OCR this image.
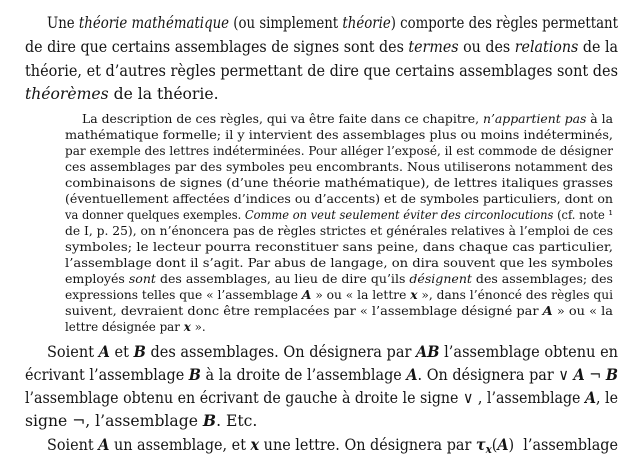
Une théorie mathématique (ou simplement théorie) comporte des règles permettant
de dire que certains assemblages de signes sont des termes ou des relations de la
théorie, et d’autres règles permettant de dire que certains assemblages sont des
théorèmes de la théorie.
La description de ces règles, qui va être faite dans ce chapitre, n’appartient pas à la
mathématique formelle; il y intervient des assemblages plus ou moins indéterminés,
par exemple des lettres indéterminées. Pour alléger l’exposé, il est commode de désigner
ces assemblages par des symboles peu encombrants. Nous utiliserons notamment des
combinaisons de signes (d’une théorie mathématique), de lettres italiques grasses
(éventuellement affectées d’indices ou d’accents) et de symboles particuliers, dont on
va donner quelques exemples. Comme on veut seulement éviter des circonlocutions (cf. note ¹
de I, p. 25), on n’énoncera pas de règles strictes et générales relatives à l’emploi de ces
symboles; le lecteur pourra reconstituer sans peine, dans chaque cas particulier,
l’assemblage dont il s’agit. Par abus de langage, on dira souvent que les symboles
employés sont des assemblages, au lieu de dire qu’ils désignent des assemblages; des
expressions telles que « l’assemblage A » ou « la lettre x », dans l’énoncé des règles qui
suivent, devraient donc être remplacées par « l’assemblage désigné par A » ou « la
lettre désignée par x ».
Soient A et B des assemblages. On désignera par AB l’assemblage obtenu en
écrivant l’assemblage B à la droite de l’assemblage A. On désignera par ∨ A ¬ B
l’assemblage obtenu en écrivant de gauche à droite le signe ∨ , l’assemblage A, le
signe ¬, l’assemblage B. Etc.
Soient A un assemblage, et x une lettre. On désignera par τx(A)  l’assemblage
